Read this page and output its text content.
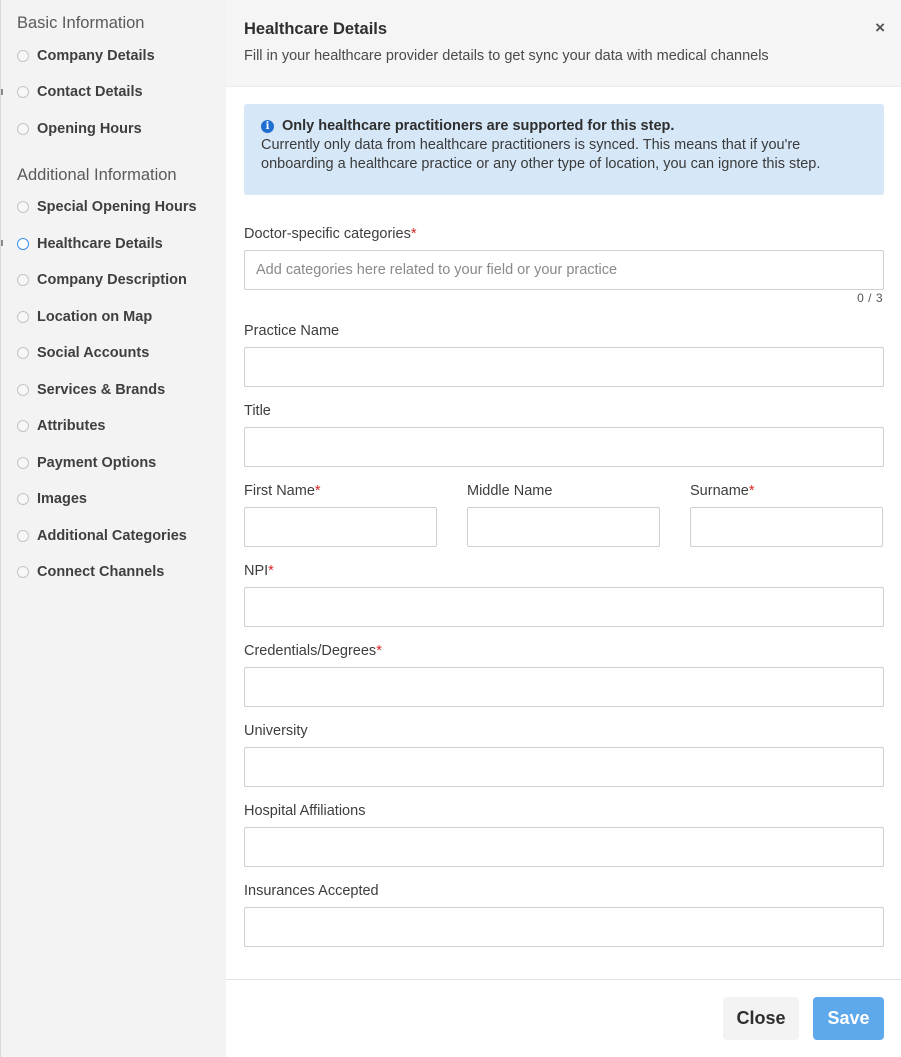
Basic Information
Company Details
Contact Details
Opening Hours
Additional Information
Special Opening Hours
Healthcare Details
Company Description
Location on Map
Social Accounts
Services & Brands
Attributes
Payment Options
Images
Additional Categories
Connect Channels
Healthcare Details
Fill in your healthcare provider details to get sync your data with medical channels
×
i Only healthcare practitioners are supported for this step.
Currently only data from healthcare practitioners is synced. This means that if you're
onboarding a healthcare practice or any other type of location, you can ignore this step.
Doctor-specific categories*
Add categories here related to your field or your practice
0 / 3
Practice Name
Title
First Name*	Middle Name	Surname*
NPI*
Credentials/Degrees*
University
Hospital Affiliations
Insurances Accepted
Close	Save
